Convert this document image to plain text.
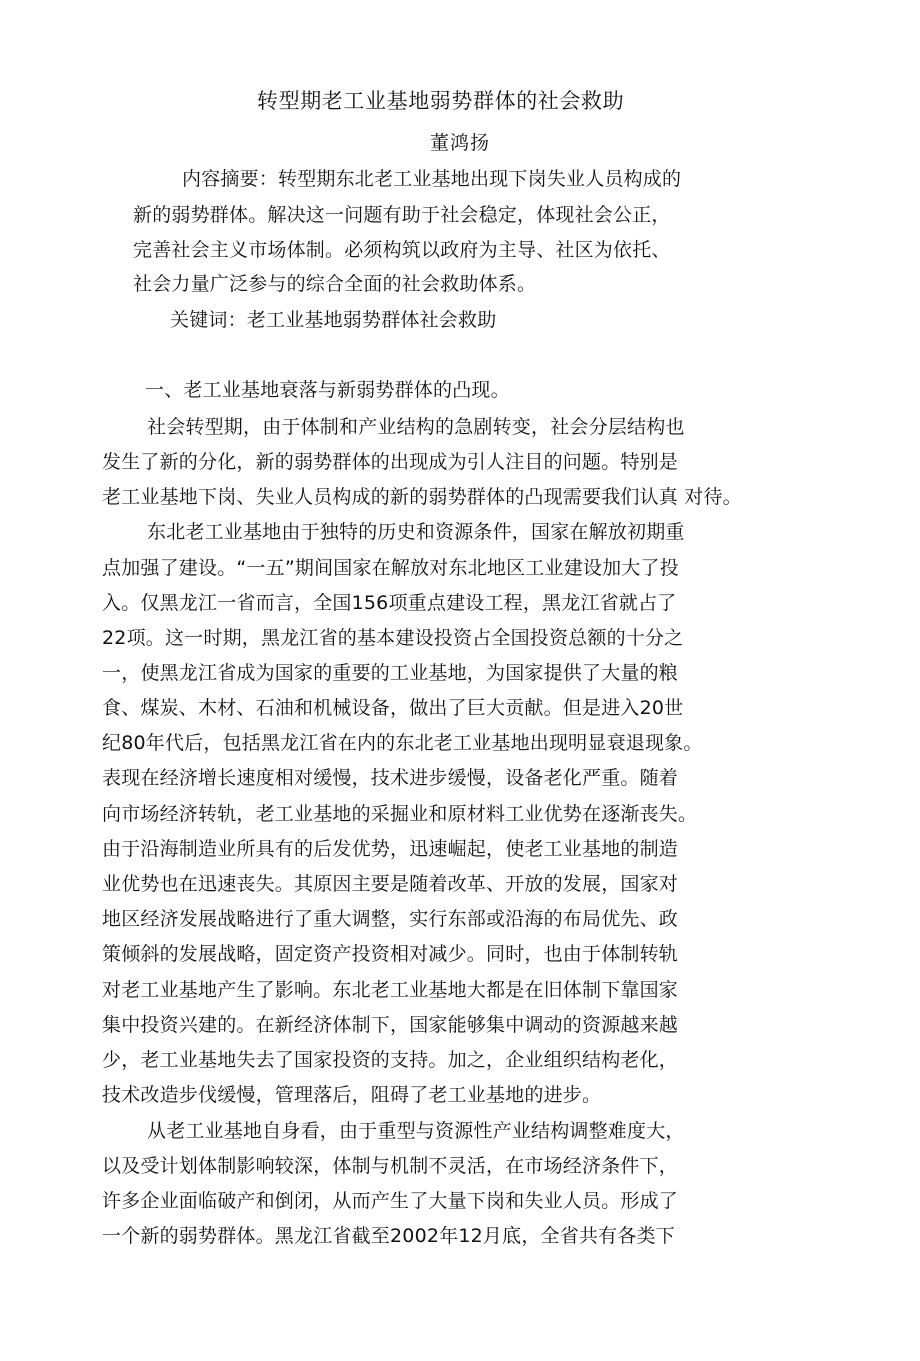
转型期老工业基地弱势群体的社会救助
董鸿扬
内容摘要：转型期东北老工业基地出现下岗失业人员构成的
新的弱势群体。解决这一问题有助于社会稳定，体现社会公正，
完善社会主义市场体制。必须构筑以政府为主导、社区为依托、
社会力量广泛参与的综合全面的社会救助体系。
关键词：老工业基地弱势群体社会救助
一、老工业基地衰落与新弱势群体的凸现。
社会转型期，由于体制和产业结构的急剧转变，社会分层结构也
发生了新的分化，新的弱势群体的出现成为引人注目的问题。特别是
老工业基地下岗、失业人员构成的新的弱势群体的凸现需要我们认真 对待。
东北老工业基地由于独特的历史和资源条件，国家在解放初期重
点加强了建设。“一五”期间国家在解放对东北地区工业建设加大了投
入。仅黑龙江一省而言，全国156项重点建设工程，黑龙江省就占了
22项。这一时期，黑龙江省的基本建设投资占全国投资总额的十分之
一，使黑龙江省成为国家的重要的工业基地，为国家提供了大量的粮
食、煤炭、木材、石油和机械设备，做出了巨大贡献。但是进入20世
纪80年代后，包括黑龙江省在内的东北老工业基地出现明显衰退现象。
表现在经济增长速度相对缓慢，技术进步缓慢，设备老化严重。随着
向市场经济转轨，老工业基地的采掘业和原材料工业优势在逐渐丧失。
由于沿海制造业所具有的后发优势，迅速崛起，使老工业基地的制造
业优势也在迅速丧失。其原因主要是随着改革、开放的发展，国家对
地区经济发展战略进行了重大调整，实行东部或沿海的布局优先、政
策倾斜的发展战略，固定资产投资相对减少。同时，也由于体制转轨
对老工业基地产生了影响。东北老工业基地大都是在旧体制下靠国家
集中投资兴建的。在新经济体制下，国家能够集中调动的资源越来越
少，老工业基地失去了国家投资的支持。加之，企业组织结构老化，
技术改造步伐缓慢，管理落后，阻碍了老工业基地的进步。
从老工业基地自身看，由于重型与资源性产业结构调整难度大，
以及受计划体制影响较深，体制与机制不灵活，在市场经济条件下，
许多企业面临破产和倒闭，从而产生了大量下岗和失业人员。形成了
一个新的弱势群体。黑龙江省截至2002年12月底，全省共有各类下
